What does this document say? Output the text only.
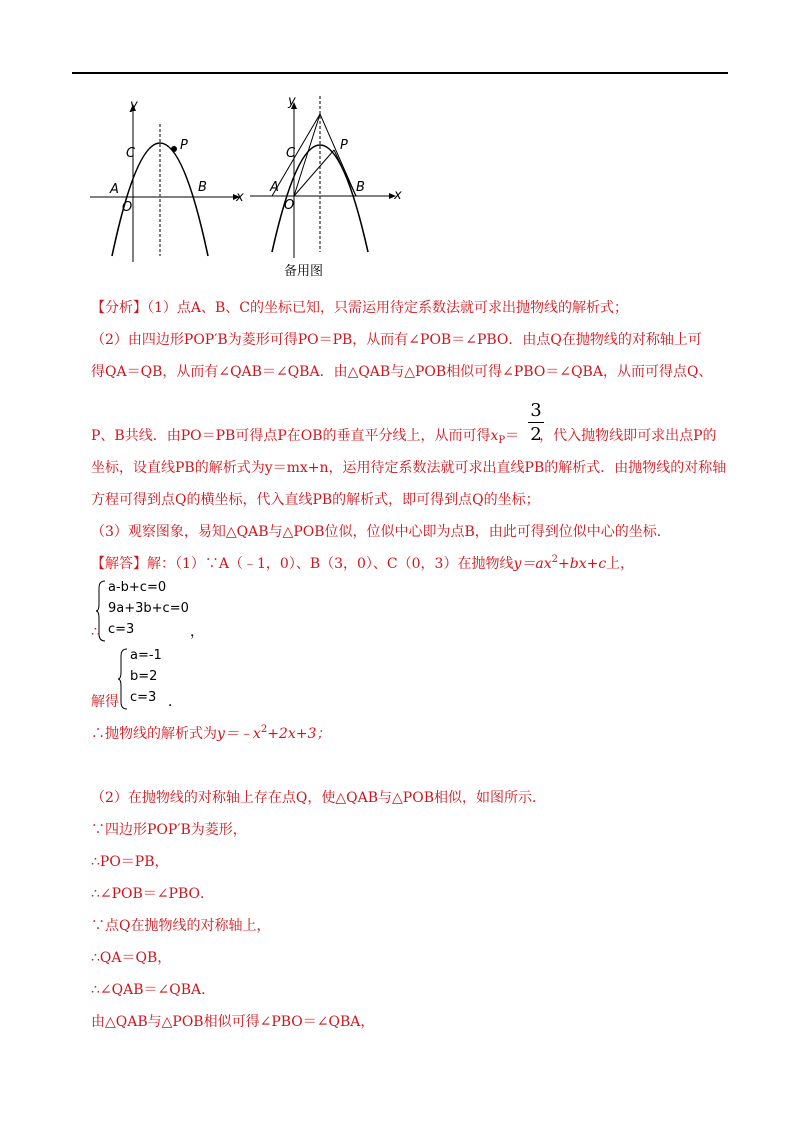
y
x
C
P
A	B
O
y
x
C
P
A	B
O
备用图
【分析】（1）点A、B、C的坐标已知，只需运用待定系数法就可求出抛物线的解析式；
（2）由四边形POP′B为菱形可得PO＝PB，从而有∠POB＝∠PBO．由点Q在抛物线的对称轴上可
得QA＝QB，从而有∠QAB＝∠QBA．由△QAB与△POB相似可得∠PBO＝∠QBA，从而可得点Q、
3
2
P、B共线．由PO＝PB可得点P在OB的垂直平分线上，从而可得$x_P=$ ，代入抛物线即可求出点P的
坐标，设直线PB的解析式为y＝mx+n，运用待定系数法就可求出直线PB的解析式．由抛物线的对称轴
方程可得到点Q的横坐标，代入直线PB的解析式，即可得到点Q的坐标；
（3）观察图象，易知△QAB与△POB位似，位似中心即为点B，由此可得到位似中心的坐标．
【解答】解：（1）∵A（﹣1，0）、B（3，0）、C（0，3）在抛物线$y=ax^2+bx+c$上，
a-b+c=0
9a+3b+c=0
c=3
∴	，
a=-1
b=2
c=3
解得	．
∴抛物线的解析式为$y=﹣x^2+2x+3$；
（2）在抛物线的对称轴上存在点Q，使△QAB与△POB相似，如图所示．
∵四边形POP′B为菱形，
∴PO＝PB，
∴∠POB＝∠PBO．
∵点Q在抛物线的对称轴上，
∴QA＝QB，
∴∠QAB＝∠QBA．
由△QAB与△POB相似可得∠PBO＝∠QBA，
